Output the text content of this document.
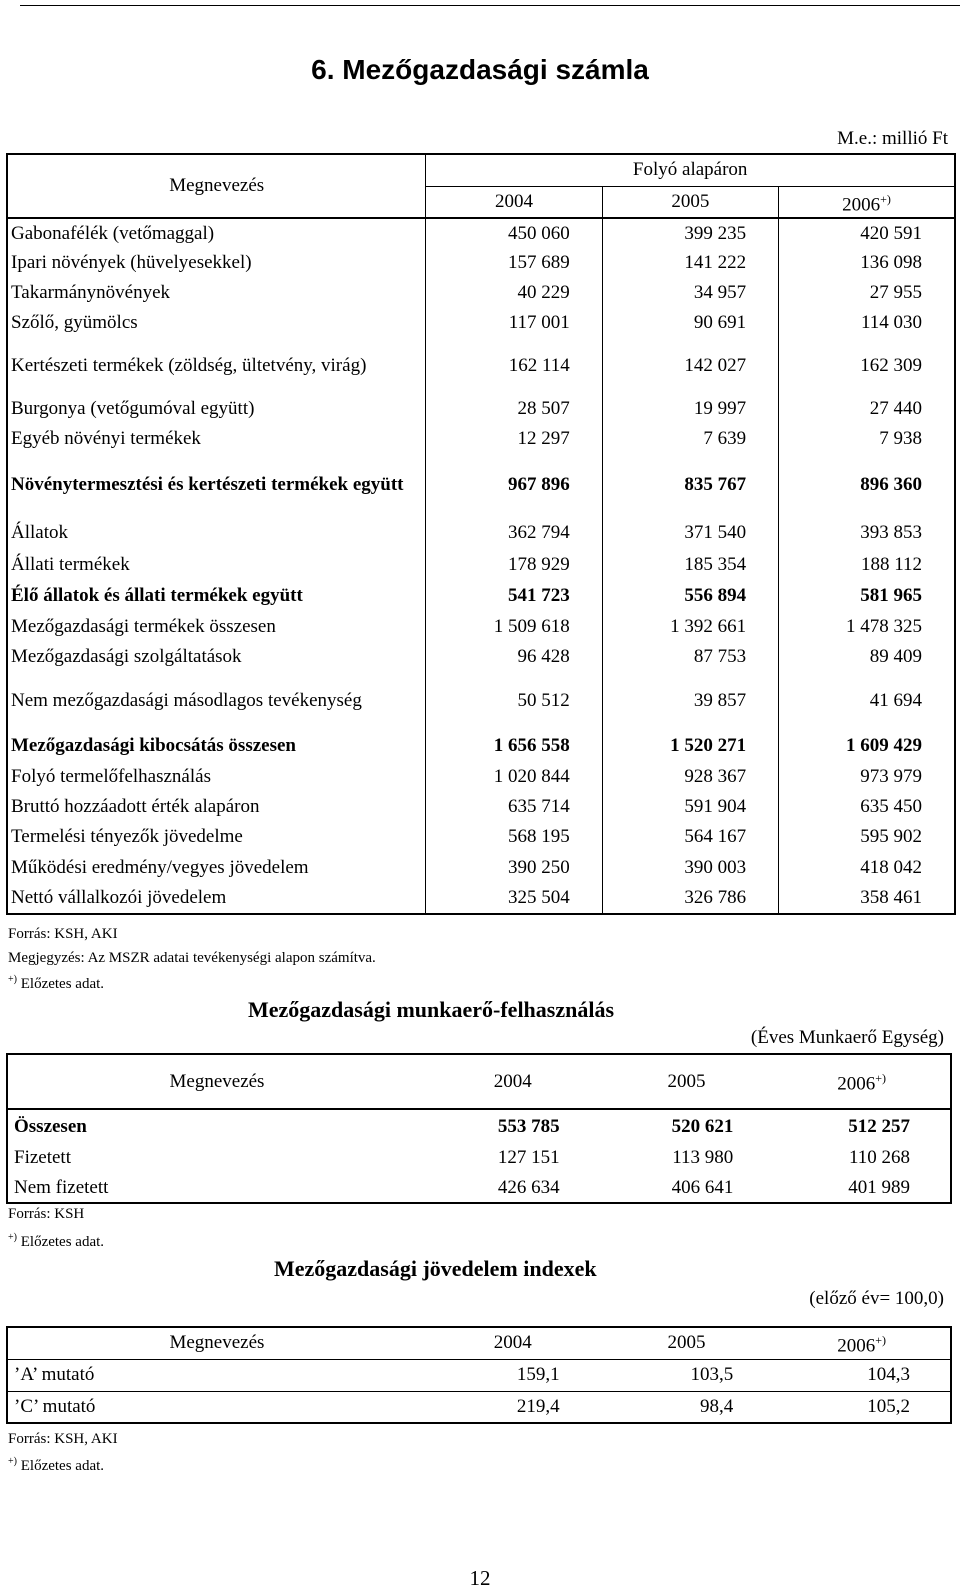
6. Mezőgazdasági számla
M.e.: millió Ft
Megnevezés	Folyó alapáron		
	2004	2005	2006+)
Gabonafélék (vetőmaggal)	450 060	399 235	420 591
Ipari növények (hüvelyesekkel)	157 689	141 222	136 098
Takarmánynövények	40 229	34 957	27 955
Szőlő, gyümölcs	117 001	90 691	114 030
Kertészeti termékek (zöldség, ültetvény, virág)	162 114	142 027	162 309
Burgonya (vetőgumóval együtt)	28 507	19 997	27 440
Egyéb növényi termékek	12 297	7 639	7 938
Növénytermesztési és kertészeti termékek együtt	967 896	835 767	896 360
Állatok	362 794	371 540	393 853
Állati termékek	178 929	185 354	188 112
Élő állatok és állati termékek együtt	541 723	556 894	581 965
Mezőgazdasági termékek összesen	1 509 618	1 392 661	1 478 325
Mezőgazdasági szolgáltatások	96 428	87 753	89 409
Nem mezőgazdasági másodlagos tevékenység	50 512	39 857	41 694
Mezőgazdasági kibocsátás összesen	1 656 558	1 520 271	1 609 429
Folyó termelőfelhasználás	1 020 844	928 367	973 979
Bruttó hozzáadott érték alapáron	635 714	591 904	635 450
Termelési tényezők jövedelme	568 195	564 167	595 902
Működési eredmény/vegyes jövedelem	390 250	390 003	418 042
Nettó vállalkozói jövedelem	325 504	326 786	358 461
Forrás: KSH, AKI
Megjegyzés: Az MSZR adatai tevékenységi alapon számítva.
+) Előzetes adat.
Mezőgazdasági munkaerő-felhasználás
(Éves Munkaerő Egység)
Megnevezés	2004	2005	2006+)
Összesen	553 785	520 621	512 257
Fizetett	127 151	113 980	110 268
Nem fizetett	426 634	406 641	401 989
Forrás: KSH
+) Előzetes adat.
Mezőgazdasági jövedelem indexek
(előző év= 100,0)
Megnevezés	2004	2005	2006+)
’A’ mutató	159,1	103,5	104,3
’C’ mutató	219,4	98,4	105,2
Forrás: KSH, AKI
+) Előzetes adat.
12
